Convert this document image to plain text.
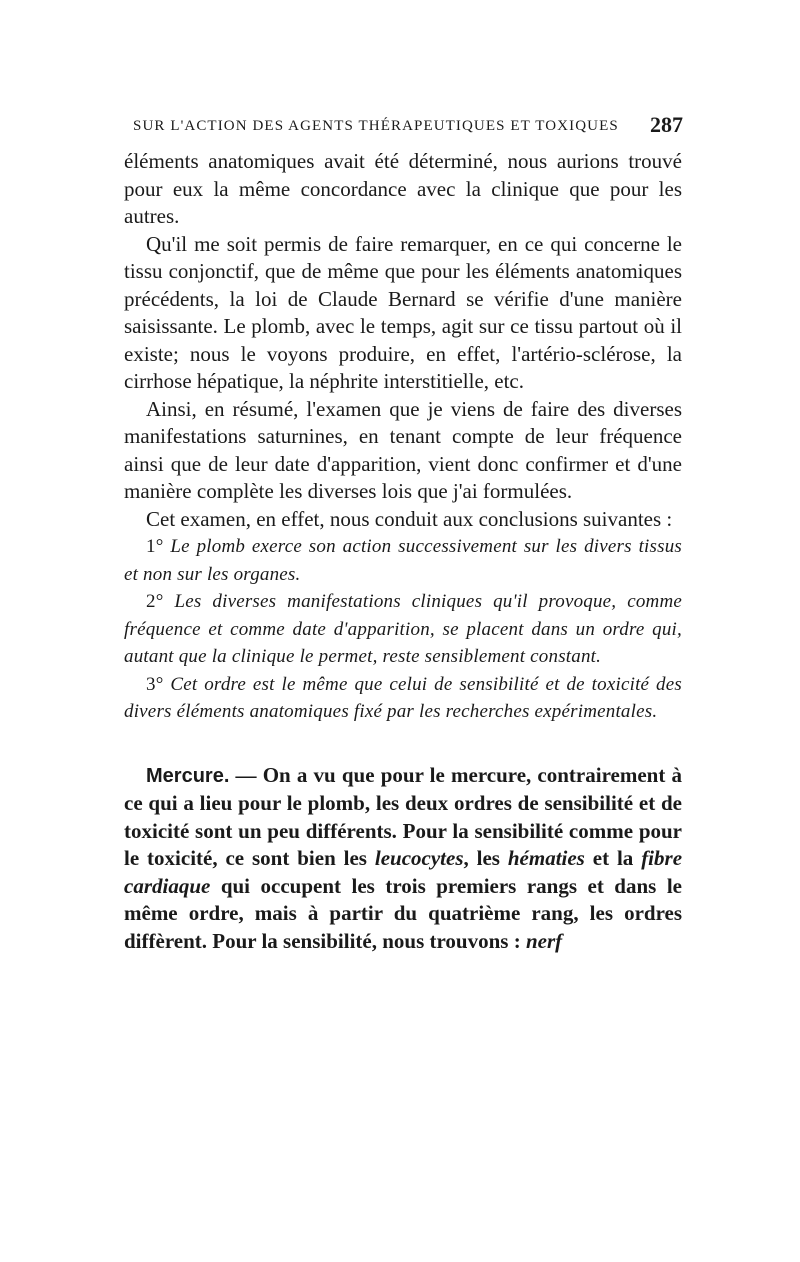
SUR L'ACTION DES AGENTS THÉRAPEUTIQUES ET TOXIQUES 287

éléments anatomiques avait été déterminé, nous aurions trouvé pour eux la même concordance avec la clinique que pour les autres.

Qu'il me soit permis de faire remarquer, en ce qui concerne le tissu conjonctif, que de même que pour les éléments anatomiques précédents, la loi de Claude Bernard se vérifie d'une manière saisissante. Le plomb, avec le temps, agit sur ce tissu partout où il existe; nous le voyons produire, en effet, l'artério-sclérose, la cirrhose hépatique, la néphrite interstitielle, etc.

Ainsi, en résumé, l'examen que je viens de faire des diverses manifestations saturnines, en tenant compte de leur fréquence ainsi que de leur date d'apparition, vient donc confirmer et d'une manière complète les diverses lois que j'ai formulées.

Cet examen, en effet, nous conduit aux conclusions suivantes :

1° Le plomb exerce son action successivement sur les divers tissus et non sur les organes.

2° Les diverses manifestations cliniques qu'il provoque, comme fréquence et comme date d'apparition, se placent dans un ordre qui, autant que la clinique le permet, reste sensiblement constant.

3° Cet ordre est le même que celui de sensibilité et de toxicité des divers éléments anatomiques fixé par les recherches expérimentales.

Mercure. — On a vu que pour le mercure, contrairement à ce qui a lieu pour le plomb, les deux ordres de sensibilité et de toxicité sont un peu différents. Pour la sensibilité comme pour le toxicité, ce sont bien les leucocytes, les hématies et la fibre cardiaque qui occupent les trois premiers rangs et dans le même ordre, mais à partir du quatrième rang, les ordres diffèrent. Pour la sensibilité, nous trouvons : nerf
